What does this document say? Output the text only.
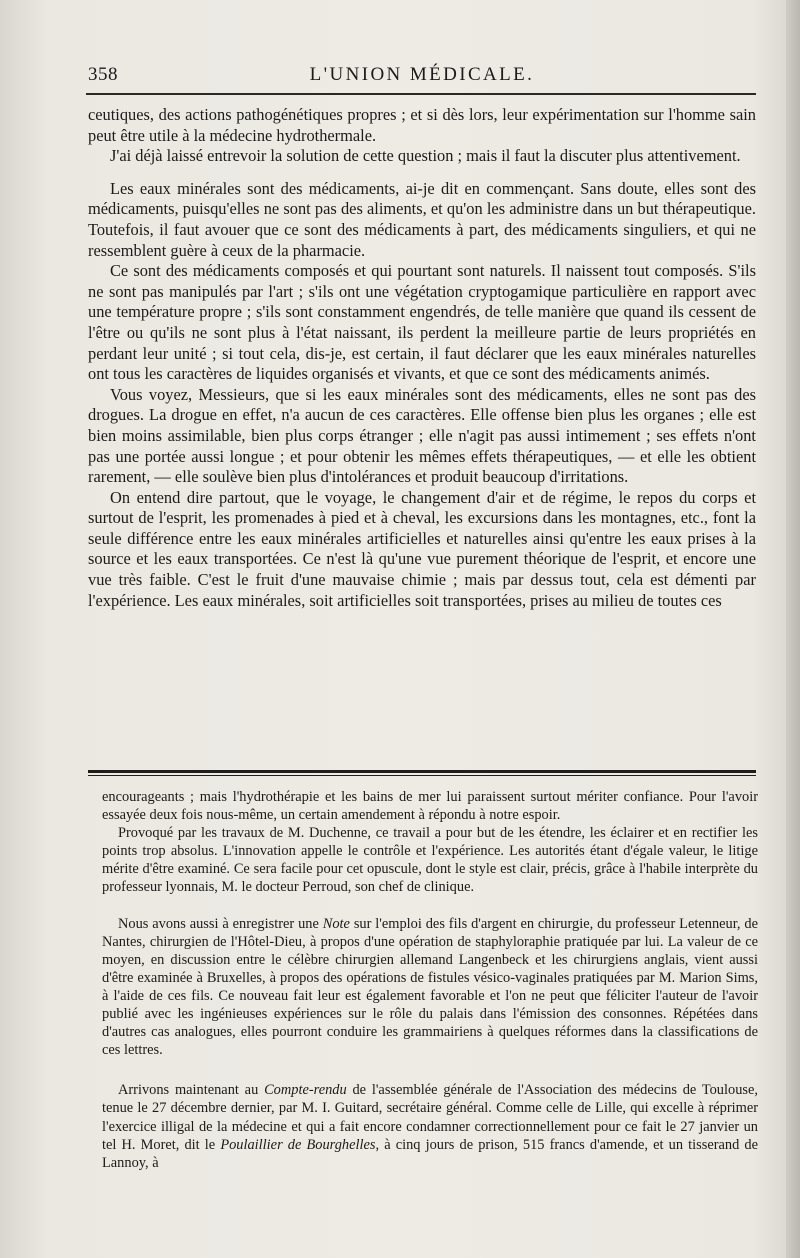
358	L'UNION MÉDICALE.

ceutiques, des actions pathogénétiques propres ; et si dès lors, leur expérimentation sur l'homme sain peut être utile à la médecine hydrothermale.

J'ai déjà laissé entrevoir la solution de cette question ; mais il faut la discuter plus attentivement.

Les eaux minérales sont des médicaments, ai-je dit en commençant. Sans doute, elles sont des médicaments, puisqu'elles ne sont pas des aliments, et qu'on les administre dans un but thérapeutique. Toutefois, il faut avouer que ce sont des médicaments à part, des médicaments singuliers, et qui ne ressemblent guère à ceux de la pharmacie.

Ce sont des médicaments composés et qui pourtant sont naturels. Il naissent tout composés. S'ils ne sont pas manipulés par l'art ; s'ils ont une végétation cryptogamique particulière en rapport avec une température propre ; s'ils sont constamment engendrés, de telle manière que quand ils cessent de l'être ou qu'ils ne sont plus à l'état naissant, ils perdent la meilleure partie de leurs propriétés en perdant leur unité ; si tout cela, dis-je, est certain, il faut déclarer que les eaux minérales naturelles ont tous les caractères de liquides organisés et vivants, et que ce sont des médicaments animés.

Vous voyez, Messieurs, que si les eaux minérales sont des médicaments, elles ne sont pas des drogues. La drogue en effet, n'a aucun de ces caractères. Elle offense bien plus les organes ; elle est bien moins assimilable, bien plus corps étranger ; elle n'agit pas aussi intimement ; ses effets n'ont pas une portée aussi longue ; et pour obtenir les mêmes effets thérapeutiques, — et elle les obtient rarement, — elle soulève bien plus d'intolérances et produit beaucoup d'irritations.

On entend dire partout, que le voyage, le changement d'air et de régime, le repos du corps et surtout de l'esprit, les promenades à pied et à cheval, les excursions dans les montagnes, etc., font la seule différence entre les eaux minérales artificielles et naturelles ainsi qu'entre les eaux prises à la source et les eaux transportées. Ce n'est là qu'une vue purement théorique de l'esprit, et encore une vue très faible. C'est le fruit d'une mauvaise chimie ; mais par dessus tout, cela est démenti par l'expérience. Les eaux minérales, soit artificielles soit transportées, prises au milieu de toutes ces

encourageants ; mais l'hydrothérapie et les bains de mer lui paraissent surtout mériter confiance. Pour l'avoir essayée deux fois nous-même, un certain amendement à répondu à notre espoir.

Provoqué par les travaux de M. Duchenne, ce travail a pour but de les étendre, les éclairer et en rectifier les points trop absolus. L'innovation appelle le contrôle et l'expérience. Les autorités étant d'égale valeur, le litige mérite d'être examiné. Ce sera facile pour cet opuscule, dont le style est clair, précis, grâce à l'habile interprète du professeur lyonnais, M. le docteur Perroud, son chef de clinique.

Nous avons aussi à enregistrer une Note sur l'emploi des fils d'argent en chirurgie, du professeur Letenneur, de Nantes, chirurgien de l'Hôtel-Dieu, à propos d'une opération de staphyloraphie pratiquée par lui. La valeur de ce moyen, en discussion entre le célèbre chirurgien allemand Langenbeck et les chirurgiens anglais, vient aussi d'être examinée à Bruxelles, à propos des opérations de fistules vésico-vaginales pratiquées par M. Marion Sims, à l'aide de ces fils. Ce nouveau fait leur est également favorable et l'on ne peut que féliciter l'auteur de l'avoir publié avec les ingénieuses expériences sur le rôle du palais dans l'émission des consonnes. Répétées dans d'autres cas analogues, elles pourront conduire les grammairiens à quelques réformes dans la classifications de ces lettres.

Arrivons maintenant au Compte-rendu de l'assemblée générale de l'Association des médecins de Toulouse, tenue le 27 décembre dernier, par M. I. Guitard, secrétaire général. Comme celle de Lille, qui excelle à réprimer l'exercice illigal de la médecine et qui a fait encore condamner correctionnellement pour ce fait le 27 janvier un tel H. Moret, dit le Poulaillier de Bourghelles, à cinq jours de prison, 515 francs d'amende, et un tisserand de Lannoy, à
